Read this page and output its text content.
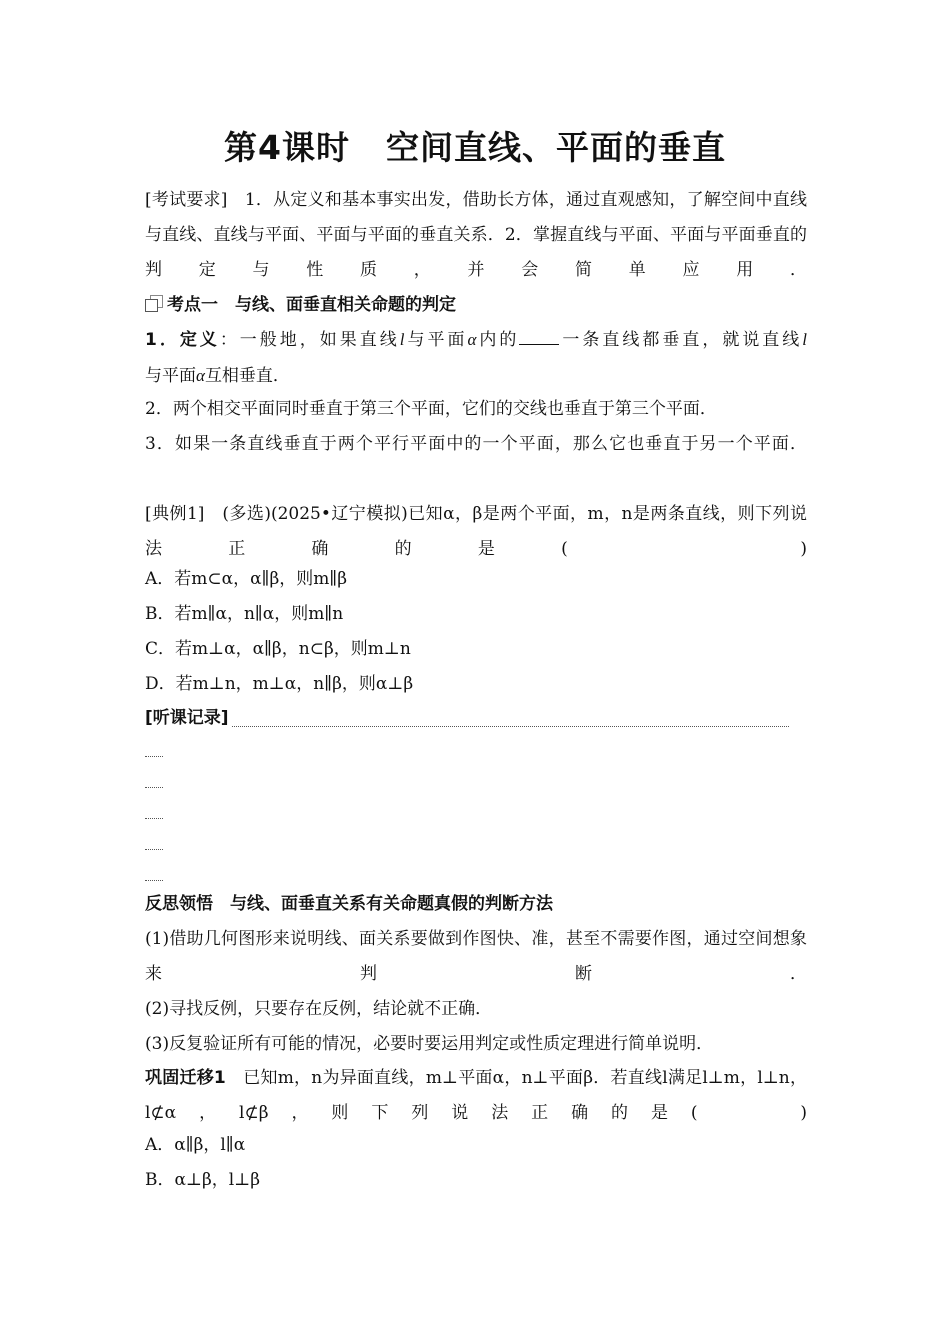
第4课时 空间直线、平面的垂直
[考试要求]　 1．从定义和基本事实出发，借助长方体，通过直观感知，了解空间中直线与直线、直线与平面、平面与平面的垂直关系．2．掌握直线与平面、平面与平面垂直的判定与性质，并会简单应用．
考点一　与线、面垂直相关命题的判定
1．定义：一般地，如果直线l与平面α内的 一条直线都垂直，就说直线l
与平面α互相垂直．
2．两个相交平面同时垂直于第三个平面，它们的交线也垂直于第三个平面．
3．如果一条直线垂直于两个平行平面中的一个平面，那么它也垂直于另一个平面．
[典例1]　 (多选)(2025•辽宁模拟)已知α，β是两个平面，m，n是两条直线，则下列说法正确的是(　　)
A．若m⊂α，α∥β，则m∥β
B．若m∥α，n∥α，则m∥n
C．若m⊥α，α∥β，n⊂β，则m⊥n
D．若m⊥n，m⊥α，n∥β，则α⊥β
[听课记录]
反思领悟　与线、面垂直关系有关命题真假的判断方法
(1)借助几何图形来说明线、面关系要做到作图快、准，甚至不需要作图，通过空间想象来判断．
(2)寻找反例，只要存在反例，结论就不正确．
(3)反复验证所有可能的情况，必要时要运用判定或性质定理进行简单说明．
巩固迁移1　 已知m，n为异面直线，m⊥平面α，n⊥平面β．若直线l满足l⊥m，l⊥n，l⊄α，l⊄β，则下列说法正确的是(　　)
A．α∥β，l∥α
B．α⊥β，l⊥β
